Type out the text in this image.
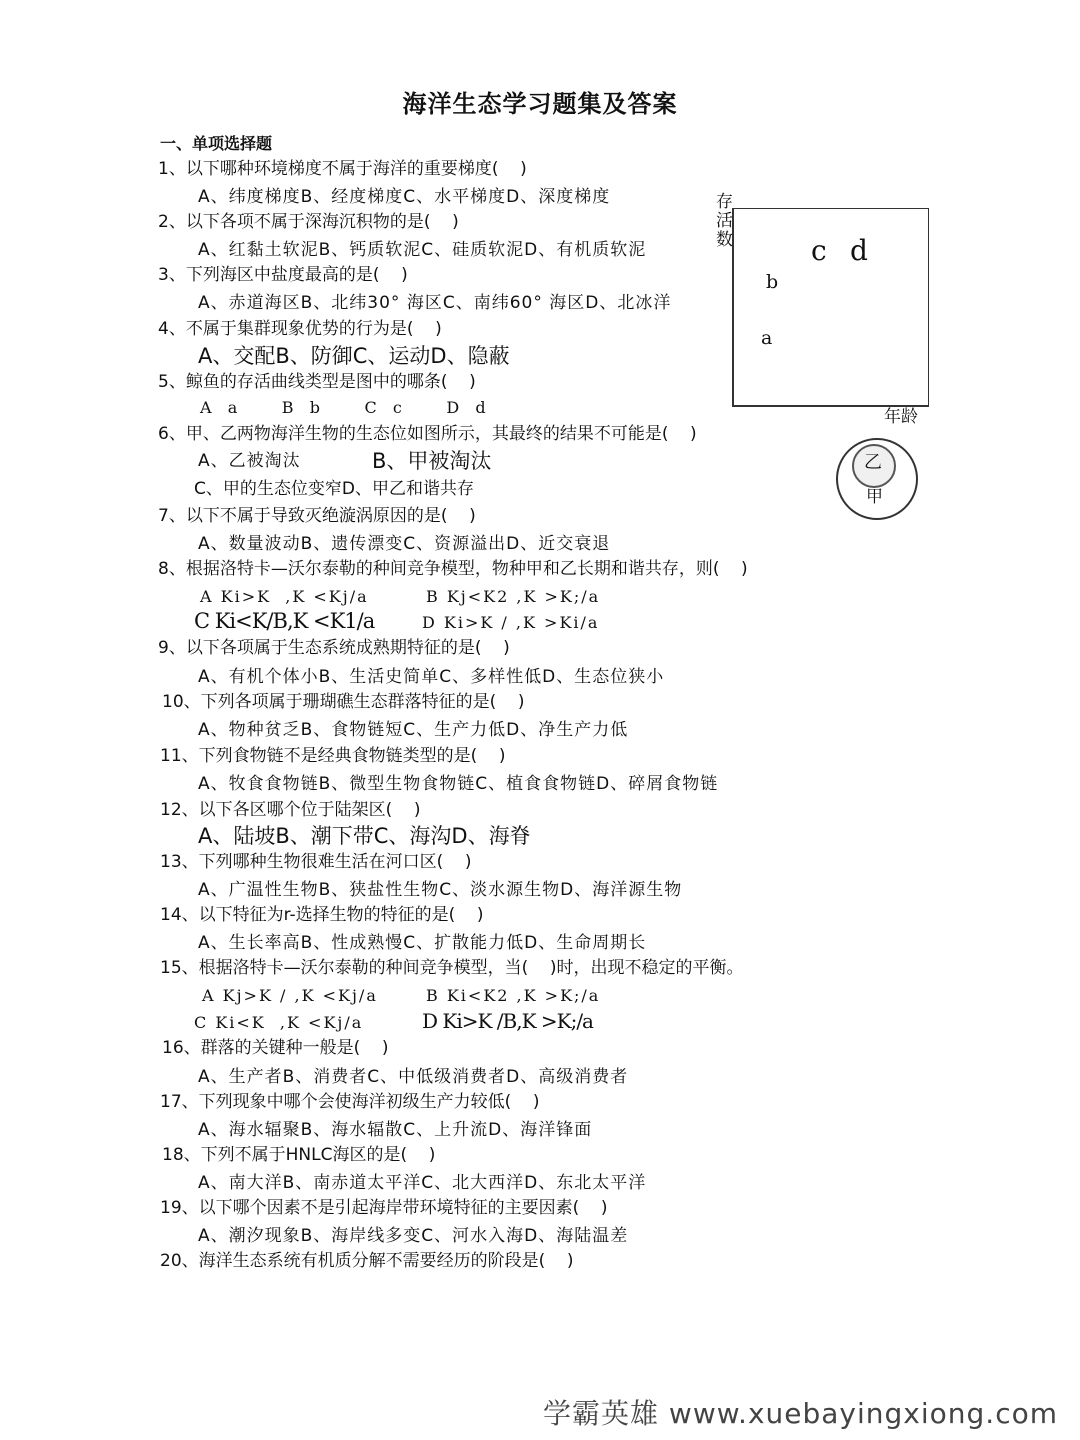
海洋生态学习题集及答案
一、单项选择题
1、以下哪种环境梯度不属于海洋的重要梯度(    )
A、纬度梯度B、经度梯度C、水平梯度D、深度梯度
2、以下各项不属于深海沉积物的是(    )
A、红黏土软泥B、钙质软泥C、硅质软泥D、有机质软泥
3、下列海区中盐度最高的是(    )
A、赤道海区B、北纬30° 海区C、南纬60° 海区D、北冰洋
4、不属于集群现象优势的行为是(    )
A、交配B、防御C、运动D、隐蔽
5、鲸鱼的存活曲线类型是图中的哪条(    )
A  a      B  b      C  c      D  d
6、甲、乙两物海洋生物的生态位如图所示，其最终的结果不可能是(    )
A、乙被淘汰	B、甲被淘汰
C、甲的生态位变窄D、甲乙和谐共存
7、以下不属于导致灭绝漩涡原因的是(    )
A、数量波动B、遗传漂变C、资源溢出D、近交衰退
8、根据洛特卡—沃尔泰勒的种间竞争模型，物种甲和乙长期和谐共存，则(    )
A Ki>K  ,K <Kj/a	B Kj<K2 ,K >K;/a
C Ki<K/B,K <K1/a	D Ki>K / ,K >Ki/a
9、以下各项属于生态系统成熟期特征的是(    )
A、有机个体小B、生活史简单C、多样性低D、生态位狭小
10、下列各项属于珊瑚礁生态群落特征的是(    )
A、物种贫乏B、食物链短C、生产力低D、净生产力低
11、下列食物链不是经典食物链类型的是(    )
A、牧食食物链B、微型生物食物链C、植食食物链D、碎屑食物链
12、以下各区哪个位于陆架区(    )
A、陆坡B、潮下带C、海沟D、海脊
13、下列哪种生物很难生活在河口区(    )
A、广温性生物B、狭盐性生物C、淡水源生物D、海洋源生物
14、以下特征为r-选择生物的特征的是(    )
A、生长率高B、性成熟慢C、扩散能力低D、生命周期长
15、根据洛特卡—沃尔泰勒的种间竞争模型，当(    )时，出现不稳定的平衡。
A Kj>K / ,K <Kj/a	B Ki<K2 ,K >K;/a
C Ki<K  ,K <Kj/a	D Ki>K /B,K >K;/a
16、群落的关键种一般是(    )
A、生产者B、消费者C、中低级消费者D、高级消费者
17、下列现象中哪个会使海洋初级生产力较低(    )
A、海水辐聚B、海水辐散C、上升流D、海洋锋面
18、下列不属于HNLC海区的是(    )
A、南大洋B、南赤道太平洋C、北大西洋D、东北太平洋
19、以下哪个因素不是引起海岸带环境特征的主要因素(    )
A、潮汐现象B、海岸线多变C、河水入海D、海陆温差
20、海洋生态系统有机质分解不需要经历的阶段是(    )
存
活
数
年龄
a
b
c d
乙
甲
学霸英雄 www.xuebayingxiong.com
